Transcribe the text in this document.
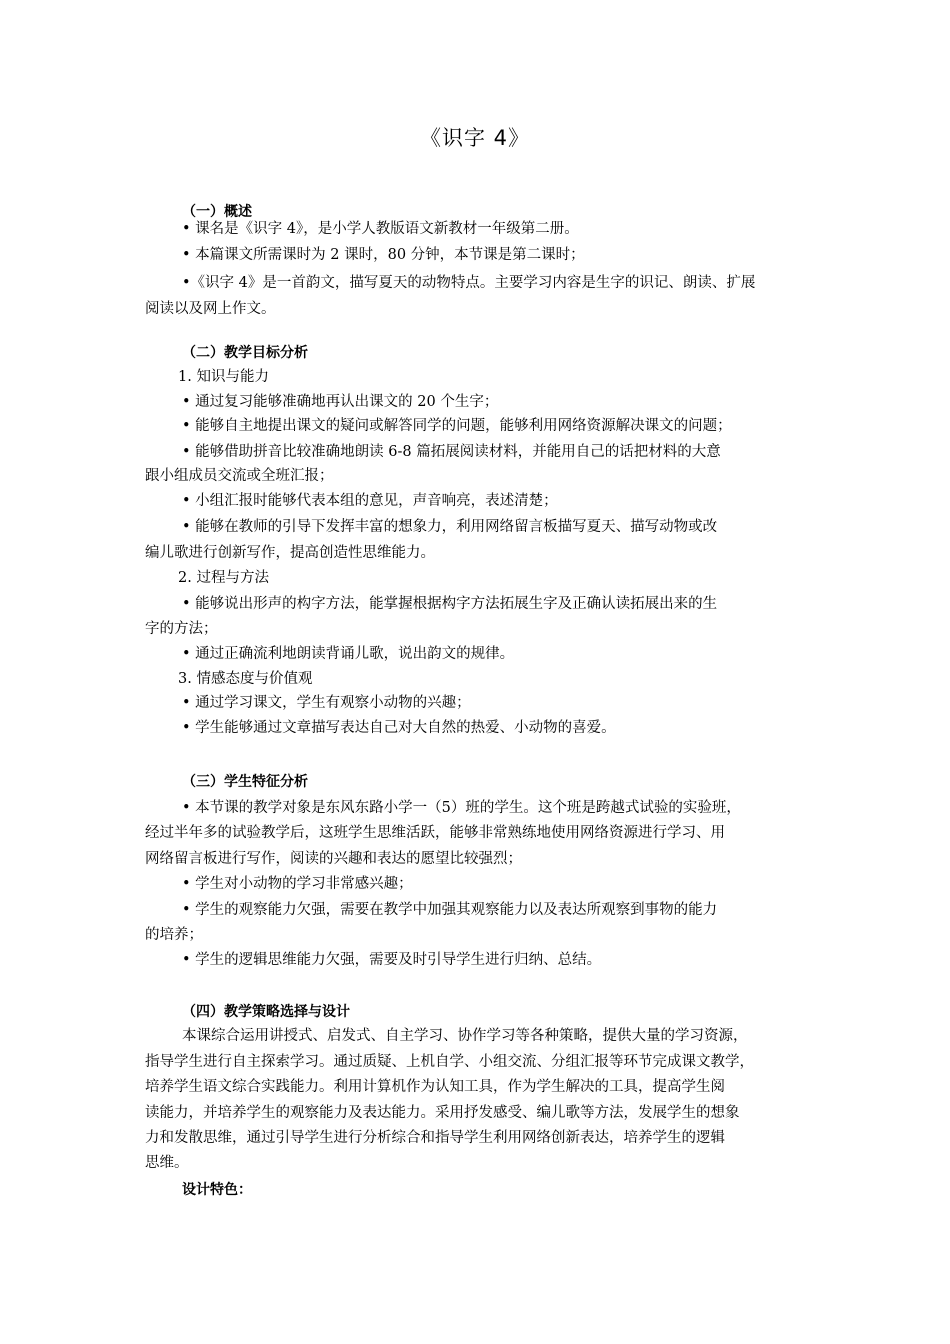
《识字 4》
（一）概述
• 课名是《识字 4》，是小学人教版语文新教材一年级第二册。
• 本篇课文所需课时为 2 课时，80 分钟，本节课是第二课时；
•《识字 4》是一首韵文，描写夏天的动物特点。主要学习内容是生字的识记、朗读、扩展
阅读以及网上作文。
（二）教学目标分析
1. 知识与能力
• 通过复习能够准确地再认出课文的 20 个生字；
• 能够自主地提出课文的疑问或解答同学的问题，能够利用网络资源解决课文的问题；
• 能够借助拼音比较准确地朗读 6-8 篇拓展阅读材料，并能用自己的话把材料的大意
跟小组成员交流或全班汇报；
• 小组汇报时能够代表本组的意见，声音响亮，表述清楚；
• 能够在教师的引导下发挥丰富的想象力，利用网络留言板描写夏天、描写动物或改
编儿歌进行创新写作，提高创造性思维能力。
2. 过程与方法
• 能够说出形声的构字方法，能掌握根据构字方法拓展生字及正确认读拓展出来的生
字的方法；
• 通过正确流利地朗读背诵儿歌，说出韵文的规律。
3. 情感态度与价值观
• 通过学习课文，学生有观察小动物的兴趣；
• 学生能够通过文章描写表达自己对大自然的热爱、小动物的喜爱。
（三）学生特征分析
• 本节课的教学对象是东风东路小学一（5）班的学生。这个班是跨越式试验的实验班，
经过半年多的试验教学后，这班学生思维活跃，能够非常熟练地使用网络资源进行学习、用
网络留言板进行写作，阅读的兴趣和表达的愿望比较强烈；
• 学生对小动物的学习非常感兴趣；
• 学生的观察能力欠强，需要在教学中加强其观察能力以及表达所观察到事物的能力
的培养；
• 学生的逻辑思维能力欠强，需要及时引导学生进行归纳、总结。
（四）教学策略选择与设计
本课综合运用讲授式、启发式、自主学习、协作学习等各种策略，提供大量的学习资源，
指导学生进行自主探索学习。通过质疑、上机自学、小组交流、分组汇报等环节完成课文教学，
培养学生语文综合实践能力。利用计算机作为认知工具，作为学生解决的工具，提高学生阅
读能力，并培养学生的观察能力及表达能力。采用抒发感受、编儿歌等方法，发展学生的想象
力和发散思维，通过引导学生进行分析综合和指导学生利用网络创新表达，培养学生的逻辑
思维。
设计特色：
